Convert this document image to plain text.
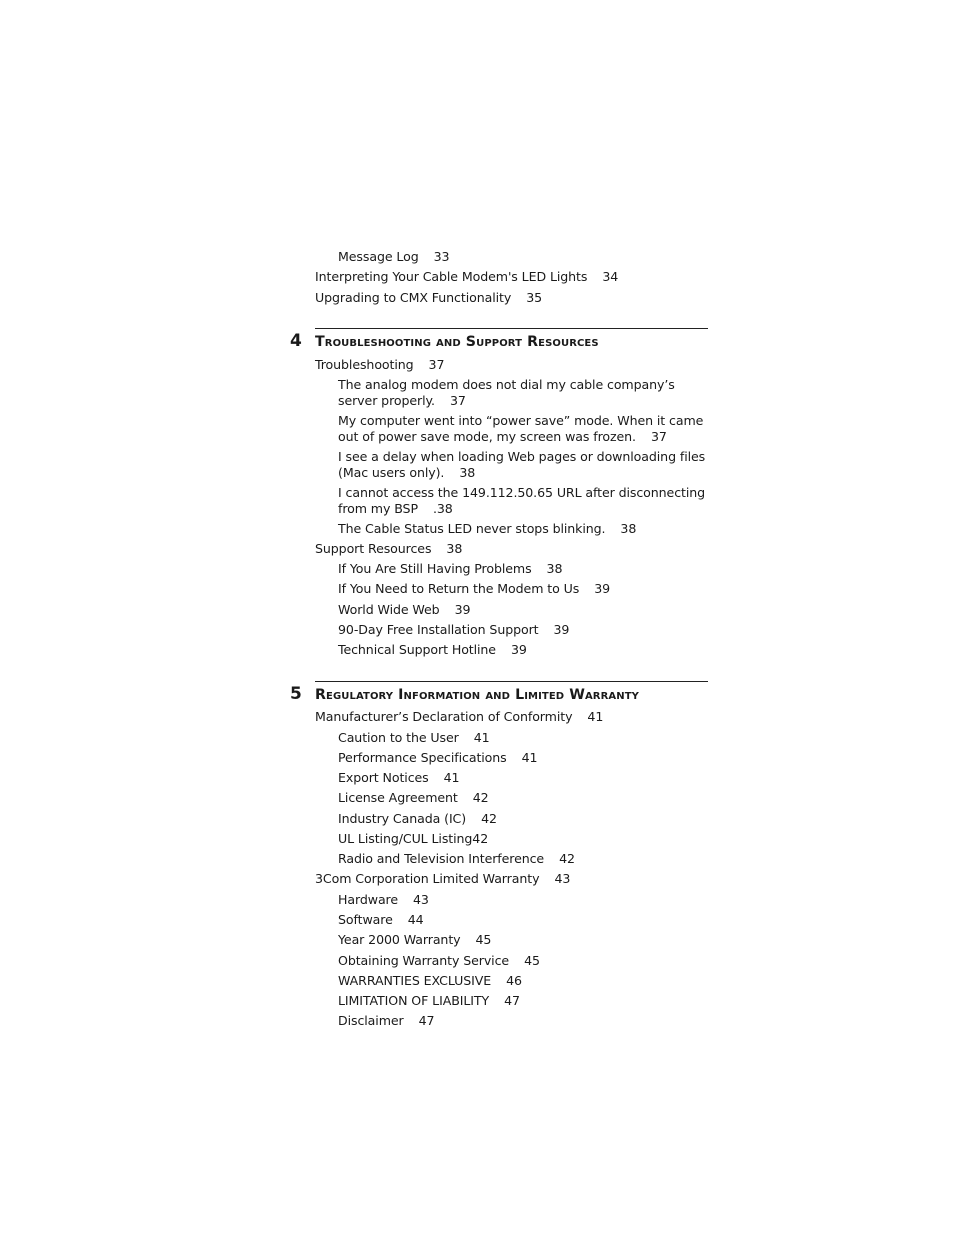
Message Log 33
Interpreting Your Cable Modem's LED Lights 34
Upgrading to CMX Functionality 35
4 Troubleshooting and Support Resources
Troubleshooting 37
The analog modem does not dial my cable company’s server properly. 37
My computer went into “power save” mode. When it came out of power save mode, my screen was frozen. 37
I see a delay when loading Web pages or downloading files (Mac users only). 38
I cannot access the 149.112.50.65 URL after disconnecting from my BSP .38
The Cable Status LED never stops blinking. 38
Support Resources 38
If You Are Still Having Problems 38
If You Need to Return the Modem to Us 39
World Wide Web 39
90-Day Free Installation Support 39
Technical Support Hotline 39
5 Regulatory Information and Limited Warranty
Manufacturer’s Declaration of Conformity 41
Caution to the User 41
Performance Specifications 41
Export Notices 41
License Agreement 42
Industry Canada (IC) 42
UL Listing/CUL Listing42
Radio and Television Interference 42
3Com Corporation Limited Warranty 43
Hardware 43
Software 44
Year 2000 Warranty 45
Obtaining Warranty Service 45
WARRANTIES EXCLUSIVE 46
LIMITATION OF LIABILITY 47
Disclaimer 47
